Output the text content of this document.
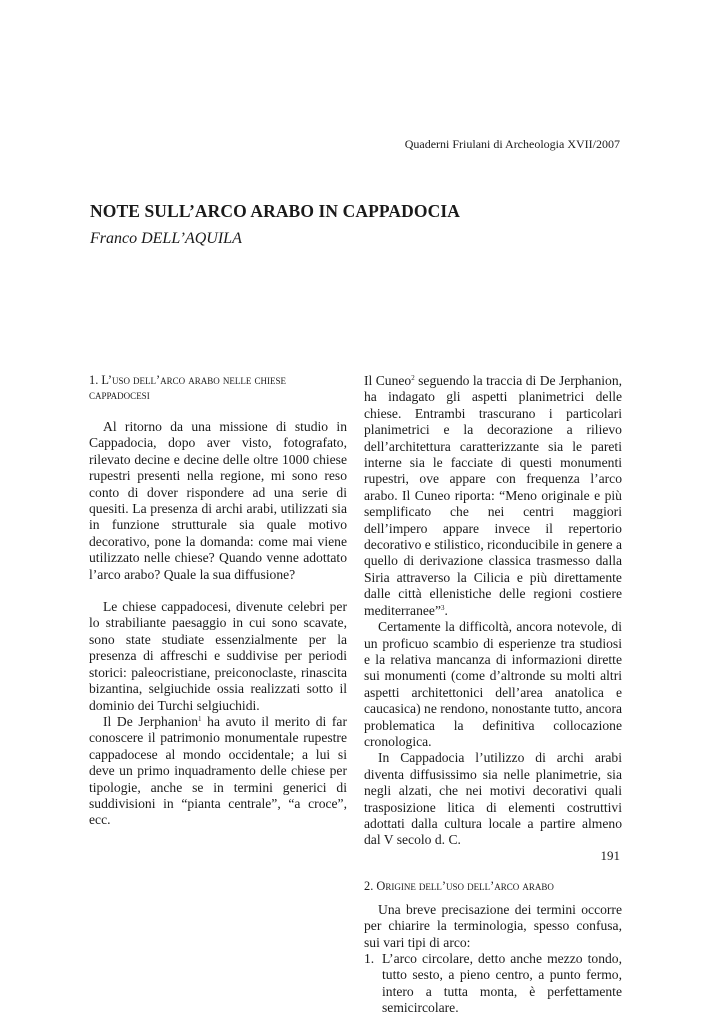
Quaderni Friulani di Archeologia XVII/2007
NOTE SULL’ARCO ARABO IN CAPPADOCIA
Franco DELL’AQUILA
1. L’uso dell’arco arabo nelle chiese cappadocesi

Al ritorno da una missione di studio in Cappadocia, dopo aver visto, fotografato, rilevato decine e decine delle oltre 1000 chiese rupestri presenti nella regione, mi sono reso conto di dover rispondere ad una serie di quesiti. La presenza di archi arabi, utilizzati sia in funzione strutturale sia quale motivo decorativo, pone la domanda: come mai viene utilizzato nelle chiese? Quando venne adottato l’arco arabo? Quale la sua diffusione?

Le chiese cappadocesi, divenute celebri per lo strabiliante paesaggio in cui sono scavate, sono state studiate essenzialmente per la presenza di affreschi e suddivise per periodi storici: paleocristiane, preiconoclaste, rinascita bizantina, selgiuchide ossia realizzati sotto il dominio dei Turchi selgiuchidi.

Il De Jerphanion$^1$ ha avuto il merito di far conoscere il patrimonio monumentale rupestre cappadocese al mondo occidentale; a lui si deve un primo inquadramento delle chiese per tipologie, anche se in termini generici di suddivisioni in “pianta centrale”, “a croce”, ecc.

Il Cuneo$^2$ seguendo la traccia di De Jerphanion, ha indagato gli aspetti planimetrici delle chiese. Entrambi trascurano i particolari planimetrici e la decorazione a rilievo dell’architettura caratterizzante sia le pareti interne sia le facciate di questi monumenti rupestri, ove appare con frequenza l’arco arabo. Il Cuneo riporta: “Meno originale e più semplificato che nei centri maggiori dell’impero appare invece il repertorio decorativo e stilistico, riconducibile in genere a quello di derivazione classica trasmesso dalla Siria attraverso la Cilicia e più direttamente dalle città ellenistiche delle regioni costiere mediterranee”$^3$.

Certamente la difficoltà, ancora notevole, di un proficuo scambio di esperienze tra studiosi e la relativa mancanza di informazioni dirette sui monumenti (come d’altronde su molti altri aspetti architettonici dell’area anatolica e caucasica) ne rendono, nonostante tutto, ancora problematica la definitiva collocazione cronologica.

In Cappadocia l’utilizzo di archi arabi diventa diffusissimo sia nelle planimetrie, sia negli alzati, che nei motivi decorativi quali trasposizione litica di elementi costruttivi adottati dalla cultura locale a partire almeno dal V secolo d. C.

2. Origine dell’uso dell’arco arabo

Una breve precisazione dei termini occorre per chiarire la terminologia, spesso confusa, sui vari tipi di arco:

1. L’arco circolare, detto anche mezzo tondo, tutto sesto, a pieno centro, a punto fermo, intero a tutta monta, è perfettamente semicircolare.
191
